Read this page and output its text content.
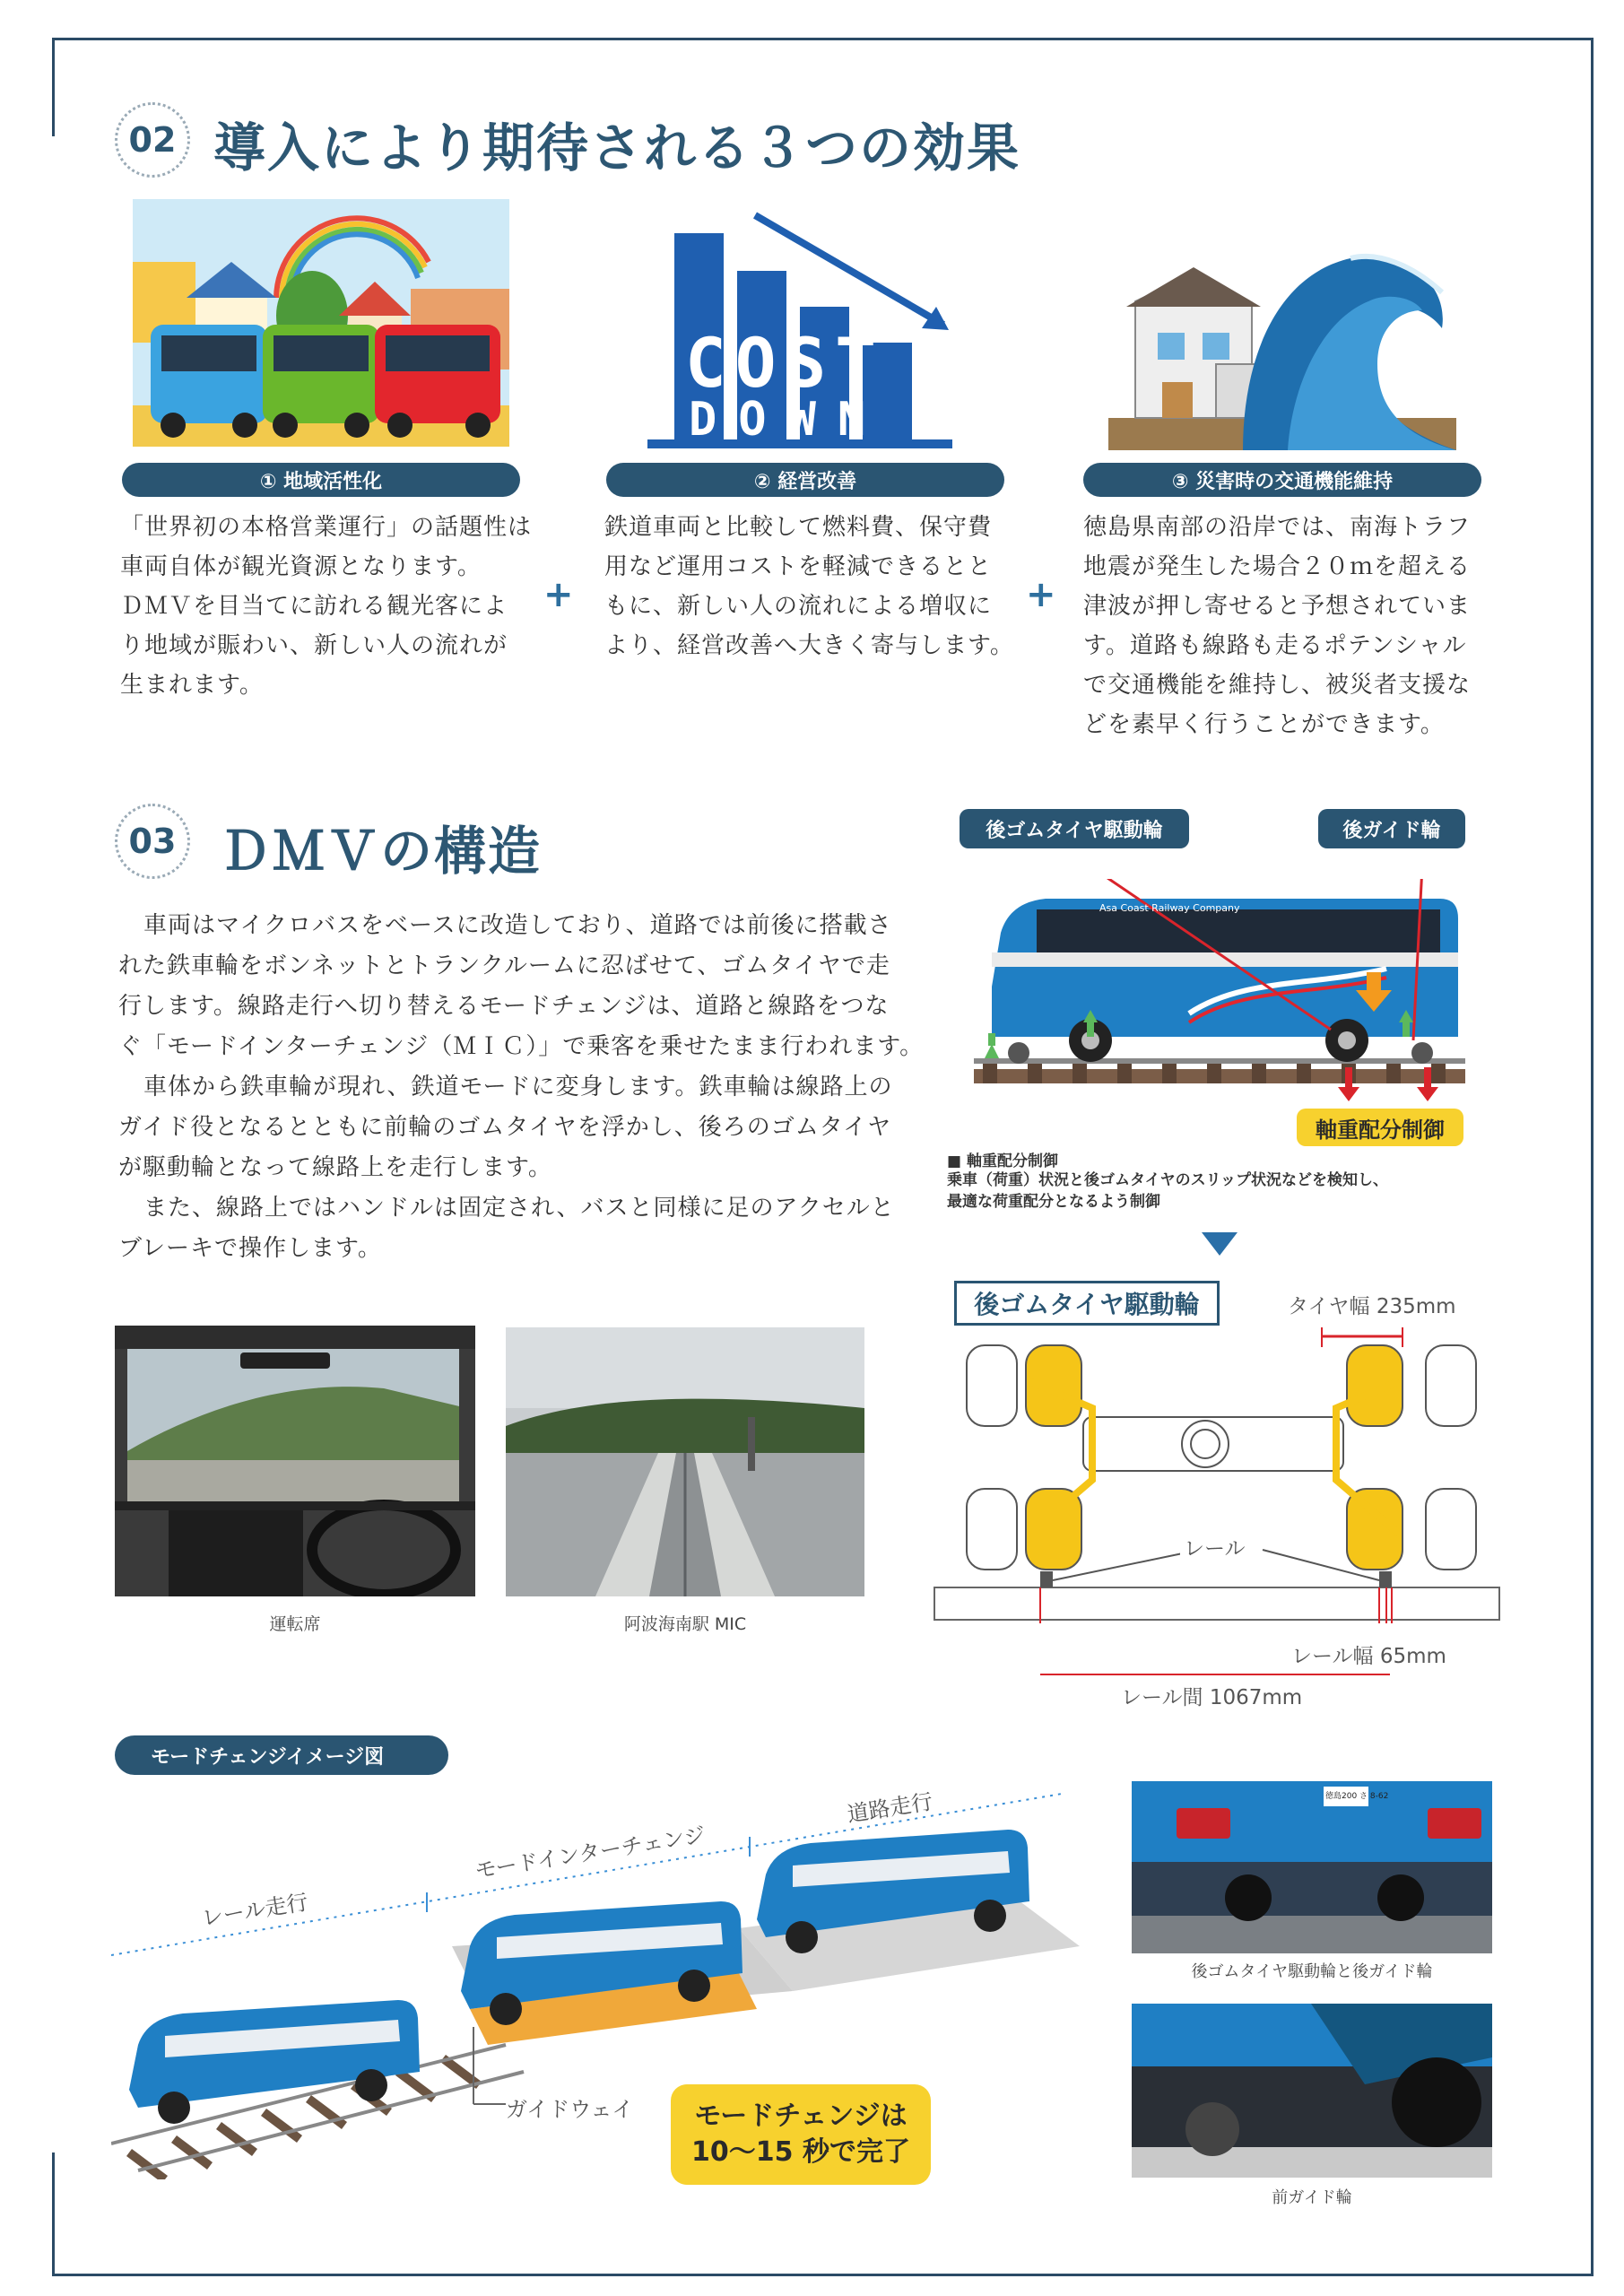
02 導入により期待される３つの効果
COST
DOWN
① 地域活性化	② 経営改善	③ 災害時の交通機能維持
「世界初の本格営業運行」の話題性は
車両自体が観光資源となります。
ＤＭＶを目当てに訪れる観光客によ
り地域が賑わい、新しい人の流れが
生まれます。
+
鉄道車両と比較して燃料費、保守費
用など運用コストを軽減できるとと
もに、新しい人の流れによる増収に
より、経営改善へ大きく寄与します。
+
徳島県南部の沿岸では、南海トラフ
地震が発生した場合２０ｍを超える
津波が押し寄せると予想されていま
す。道路も線路も走るポテンシャル
で交通機能を維持し、被災者支援な
どを素早く行うことができます。
03 ＤＭＶの構造
車両はマイクロバスをベースに改造しており、道路では前後に搭載さ
れた鉄車輪をボンネットとトランクルームに忍ばせて、ゴムタイヤで走
行します。線路走行へ切り替えるモードチェンジは、道路と線路をつな
ぐ「モードインターチェンジ（ＭＩＣ）」で乗客を乗せたまま行われます。
車体から鉄車輪が現れ、鉄道モードに変身します。鉄車輪は線路上の
ガイド役となるとともに前輪のゴムタイヤを浮かし、後ろのゴムタイヤ
が駆動輪となって線路上を走行します。
また、線路上ではハンドルは固定され、バスと同様に足のアクセルと
ブレーキで操作します。
運転席	阿波海南駅 MIC
後ゴムタイヤ駆動輪	後ガイド輪
Asa Coast Railway Company
軸重配分制御
■ 軸重配分制御
乗車（荷重）状況と後ゴムタイヤのスリップ状況などを検知し、
最適な荷重配分となるよう制御
後ゴムタイヤ駆動輪	タイヤ幅 235mm
レール
レール幅 65mm
レール間 1067mm
モードチェンジイメージ図
レール走行
モードインターチェンジ
道路走行
ガイドウェイ モードチェンジは
10～15 秒で完了
徳島200 さ 8-62
後ゴムタイヤ駆動輪と後ガイド輪
前ガイド輪
